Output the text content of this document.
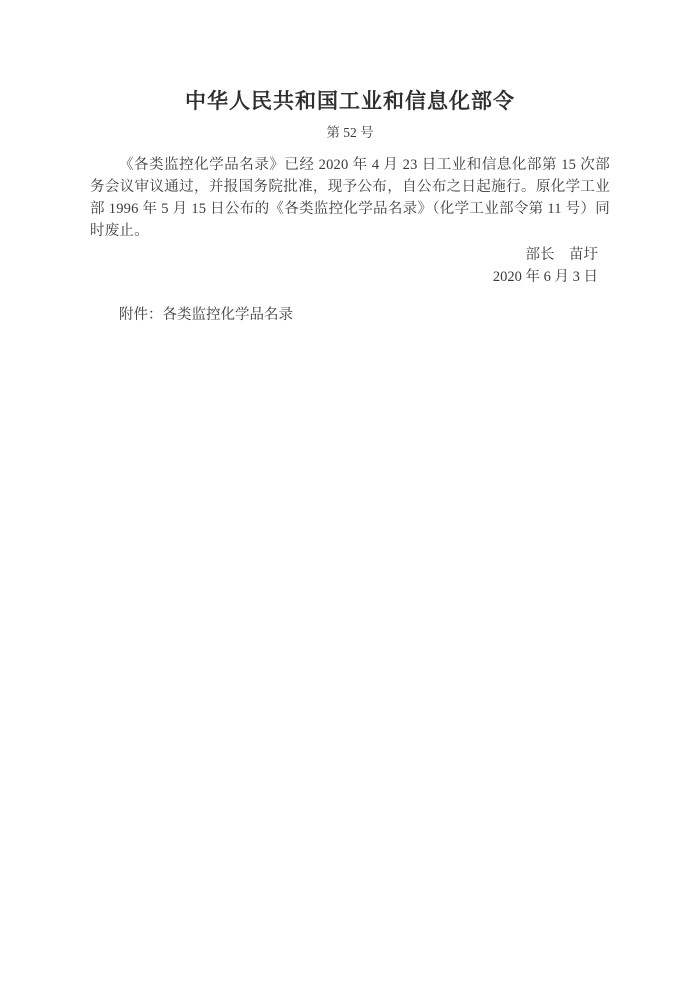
中华人民共和国工业和信息化部令
第 52 号

《各类监控化学品名录》已经 2020 年 4 月 23 日工业和信息化部第 15 次部务会议审议通过，并报国务院批准，现予公布，自公布之日起施行。原化学工业部 1996 年 5 月 15 日公布的《各类监控化学品名录》（化学工业部令第 11 号）同时废止。

部长　苗圩
2020 年 6 月 3 日

附件：各类监控化学品名录
